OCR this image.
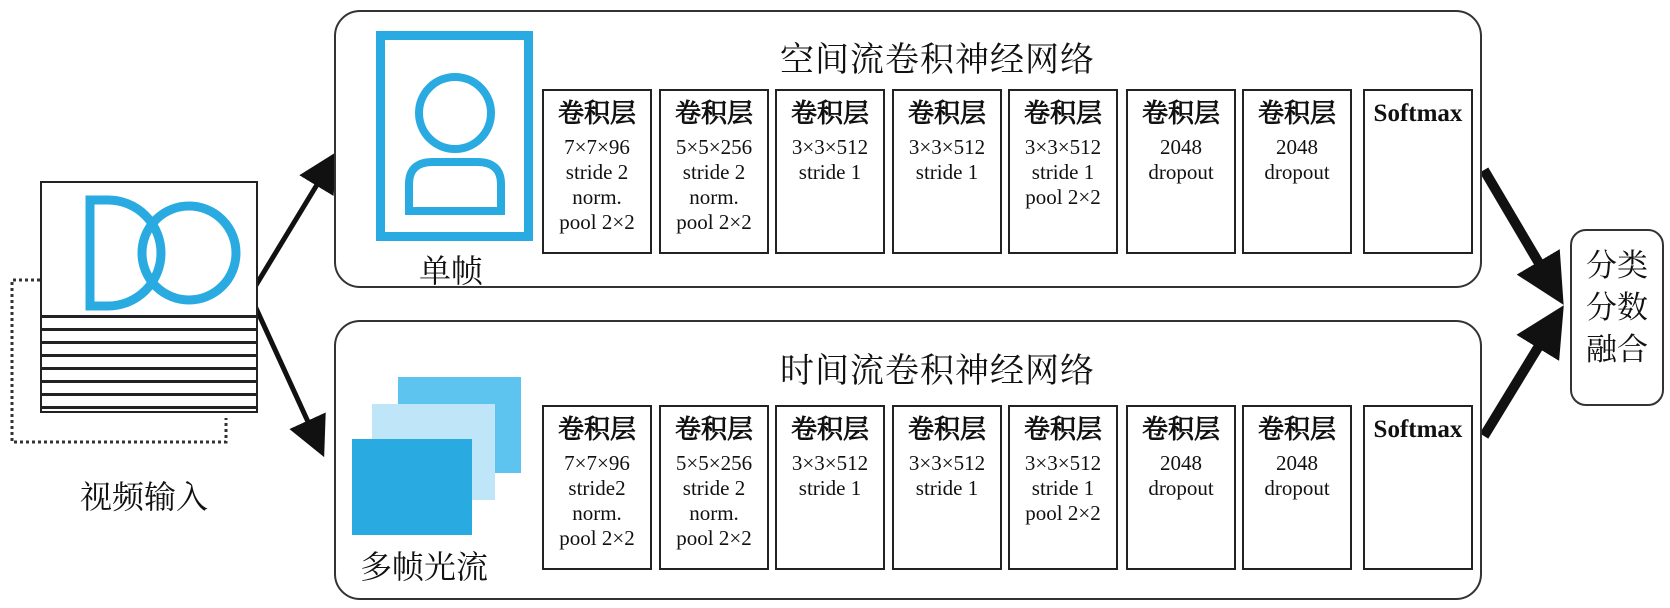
视频输入
空间流卷积神经网络
单帧
卷积层
7×7×96
stride 2
norm.
pool 2×2
卷积层
5×5×256
stride 2
norm.
pool 2×2
卷积层
3×3×512
stride 1
卷积层
3×3×512
stride 1
卷积层
3×3×512
stride 1
pool 2×2
卷积层
2048
dropout
卷积层
2048
dropout
Softmax
时间流卷积神经网络
多帧光流
卷积层
7×7×96
stride2
norm.
pool 2×2
卷积层
5×5×256
stride 2
norm.
pool 2×2
卷积层
3×3×512
stride 1
卷积层
3×3×512
stride 1
卷积层
3×3×512
stride 1
pool 2×2
卷积层
2048
dropout
卷积层
2048
dropout
Softmax
分类
分数
融合
